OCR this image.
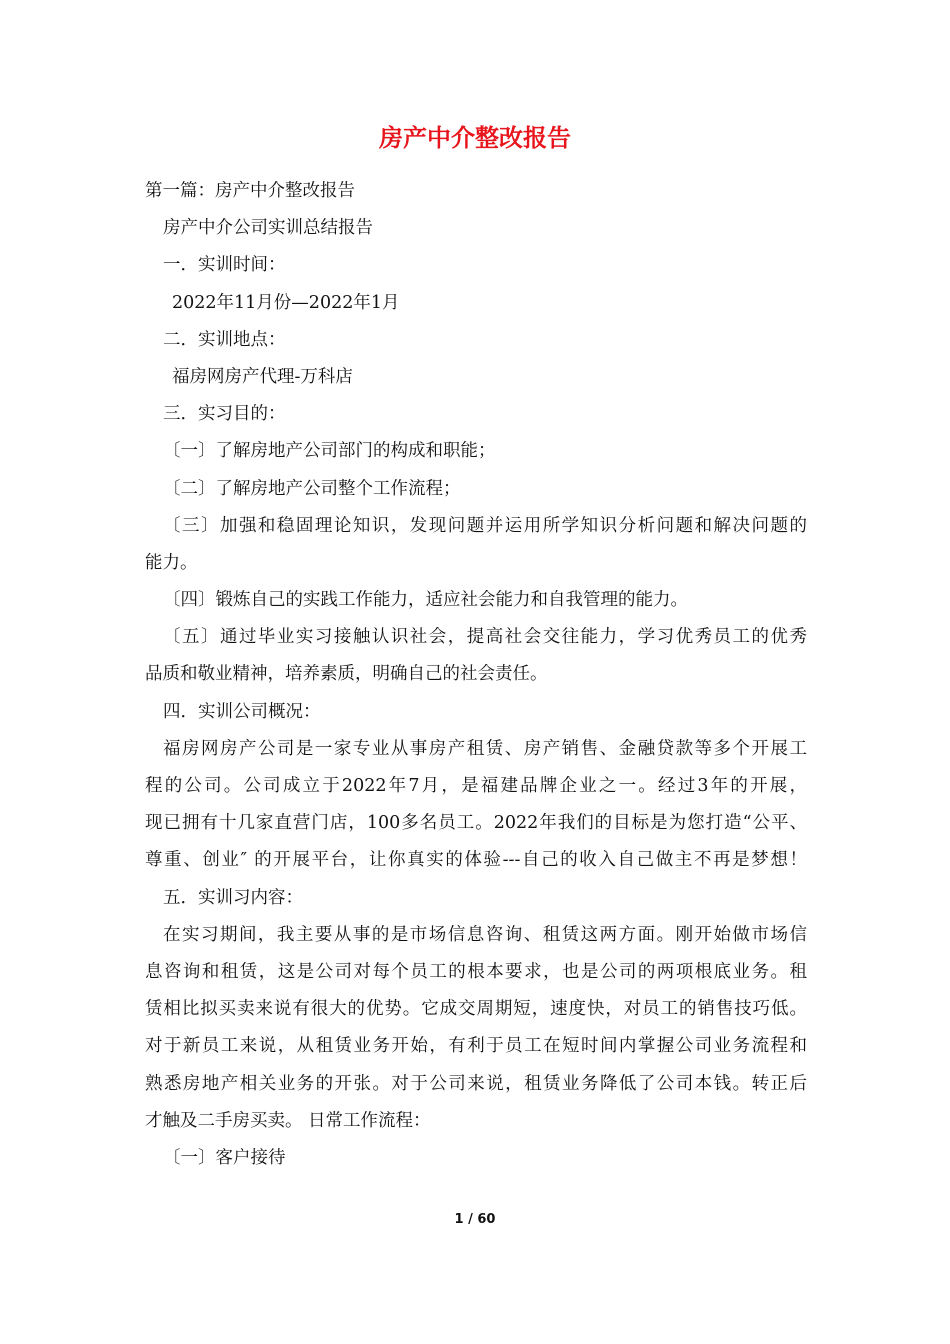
房产中介整改报告
第一篇：房产中介整改报告
房产中介公司实训总结报告
一．实训时间：
2022年11月份—2022年1月
二．实训地点：
福房网房产代理-万科店
三．实习目的：
〔一〕了解房地产公司部门的构成和职能；
〔二〕了解房地产公司整个工作流程；
〔三〕加强和稳固理论知识，发现问题并运用所学知识分析问题和解决问题的
能力。
〔四〕锻炼自己的实践工作能力，适应社会能力和自我管理的能力。
〔五〕通过毕业实习接触认识社会，提高社会交往能力，学习优秀员工的优秀
品质和敬业精神，培养素质，明确自己的社会责任。
四．实训公司概况：
福房网房产公司是一家专业从事房产租赁、房产销售、金融贷款等多个开展工
程的公司。公司成立于2022年7月，是福建品牌企业之一。经过3年的开展，
现已拥有十几家直营门店，100多名员工。2022年我们的目标是为您打造“公平、
尊重、创业″ 的开展平台，让你真实的体验---自己的收入自己做主不再是梦想！
五．实训习内容：
在实习期间，我主要从事的是市场信息咨询、租赁这两方面。刚开始做市场信
息咨询和租赁，这是公司对每个员工的根本要求，也是公司的两项根底业务。租
赁相比拟买卖来说有很大的优势。它成交周期短，速度快，对员工的销售技巧低。
对于新员工来说，从租赁业务开始，有利于员工在短时间内掌握公司业务流程和
熟悉房地产相关业务的开张。对于公司来说，租赁业务降低了公司本钱。转正后
才触及二手房买卖。 日常工作流程：
〔一〕客户接待
1 / 60
